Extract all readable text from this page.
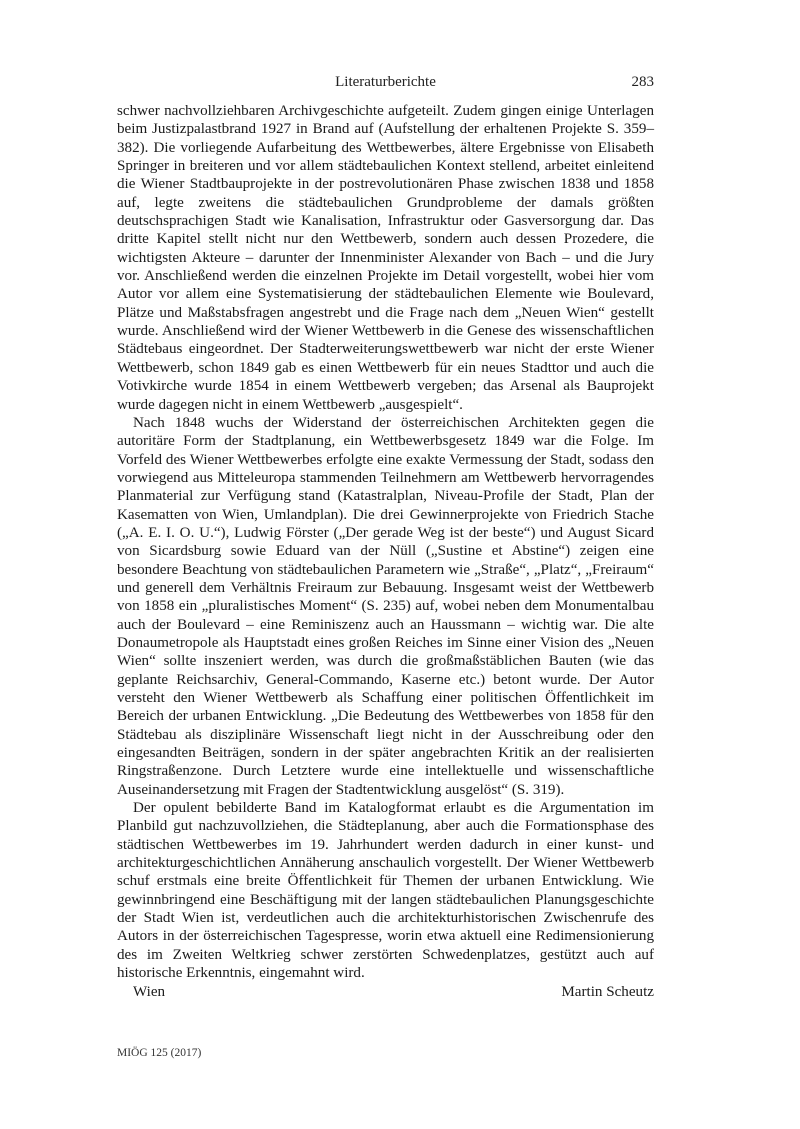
Literaturberichte	283

schwer nachvollziehbaren Archivgeschichte aufgeteilt. Zudem gingen einige Unterlagen beim Justizpalastbrand 1927 in Brand auf (Aufstellung der erhaltenen Projekte S. 359–382). Die vorliegende Aufarbeitung des Wettbewerbes, ältere Ergebnisse von Elisabeth Springer in breiteren und vor allem städtebaulichen Kontext stellend, arbeitet einleitend die Wiener Stadtbauprojekte in der postrevolutionären Phase zwischen 1838 und 1858 auf, legte zweitens die städtebaulichen Grundprobleme der damals größten deutschsprachigen Stadt wie Kanalisation, Infrastruktur oder Gasversorgung dar. Das dritte Kapitel stellt nicht nur den Wettbewerb, sondern auch dessen Prozedere, die wichtigsten Akteure – darunter der Innenminister Alexander von Bach – und die Jury vor. Anschließend werden die einzelnen Projekte im Detail vorgestellt, wobei hier vom Autor vor allem eine Systematisierung der städtebaulichen Elemente wie Boulevard, Plätze und Maßstabsfragen angestrebt und die Frage nach dem „Neuen Wien“ gestellt wurde. Anschließend wird der Wiener Wettbewerb in die Genese des wissenschaftlichen Städtebaus eingeordnet. Der Stadterweiterungswettbewerb war nicht der erste Wiener Wettbewerb, schon 1849 gab es einen Wettbewerb für ein neues Stadttor und auch die Votivkirche wurde 1854 in einem Wettbewerb vergeben; das Arsenal als Bauprojekt wurde dagegen nicht in einem Wettbewerb „ausgespielt“.

Nach 1848 wuchs der Widerstand der österreichischen Architekten gegen die autoritäre Form der Stadtplanung, ein Wettbewerbsgesetz 1849 war die Folge. Im Vorfeld des Wiener Wettbewerbes erfolgte eine exakte Vermessung der Stadt, sodass den vorwiegend aus Mitteleuropa stammenden Teilnehmern am Wettbewerb hervorragendes Planmaterial zur Verfügung stand (Katastralplan, Niveau-Profile der Stadt, Plan der Kasematten von Wien, Umlandplan). Die drei Gewinnerprojekte von Friedrich Stache („A. E. I. O. U.“), Ludwig Förster („Der gerade Weg ist der beste“) und August Sicard von Sicardsburg sowie Eduard van der Nüll („Sustine et Abstine“) zeigen eine besondere Beachtung von städtebaulichen Parametern wie „Straße“, „Platz“, „Freiraum“ und generell dem Verhältnis Freiraum zur Bebauung. Insgesamt weist der Wettbewerb von 1858 ein „pluralistisches Moment“ (S. 235) auf, wobei neben dem Monumentalbau auch der Boulevard – eine Reminiszenz auch an Haussmann – wichtig war. Die alte Donaumetropole als Hauptstadt eines großen Reiches im Sinne einer Vision des „Neuen Wien“ sollte inszeniert werden, was durch die großmaßstäblichen Bauten (wie das geplante Reichsarchiv, General-Commando, Kaserne etc.) betont wurde. Der Autor versteht den Wiener Wettbewerb als Schaffung einer politischen Öffentlichkeit im Bereich der urbanen Entwicklung. „Die Bedeutung des Wettbewerbes von 1858 für den Städtebau als disziplinäre Wissenschaft liegt nicht in der Ausschreibung oder den eingesandten Beiträgen, sondern in der später angebrachten Kritik an der realisierten Ringstraßenzone. Durch Letztere wurde eine intellektuelle und wissenschaftliche Auseinandersetzung mit Fragen der Stadtentwicklung ausgelöst“ (S. 319).

Der opulent bebilderte Band im Katalogformat erlaubt es die Argumentation im Planbild gut nachzuvollziehen, die Städteplanung, aber auch die Formationsphase des städtischen Wettbewerbes im 19. Jahrhundert werden dadurch in einer kunst- und architekturgeschichtlichen Annäherung anschaulich vorgestellt. Der Wiener Wettbewerb schuf erstmals eine breite Öffentlichkeit für Themen der urbanen Entwicklung. Wie gewinnbringend eine Beschäftigung mit der langen städtebaulichen Planungsgeschichte der Stadt Wien ist, verdeutlichen auch die architekturhistorischen Zwischenrufe des Autors in der österreichischen Tagespresse, worin etwa aktuell eine Redimensionierung des im Zweiten Weltkrieg schwer zerstörten Schwedenplatzes, gestützt auch auf historische Erkenntnis, eingemahnt wird.

Wien	Martin Scheutz
MIÖG 125 (2017)
